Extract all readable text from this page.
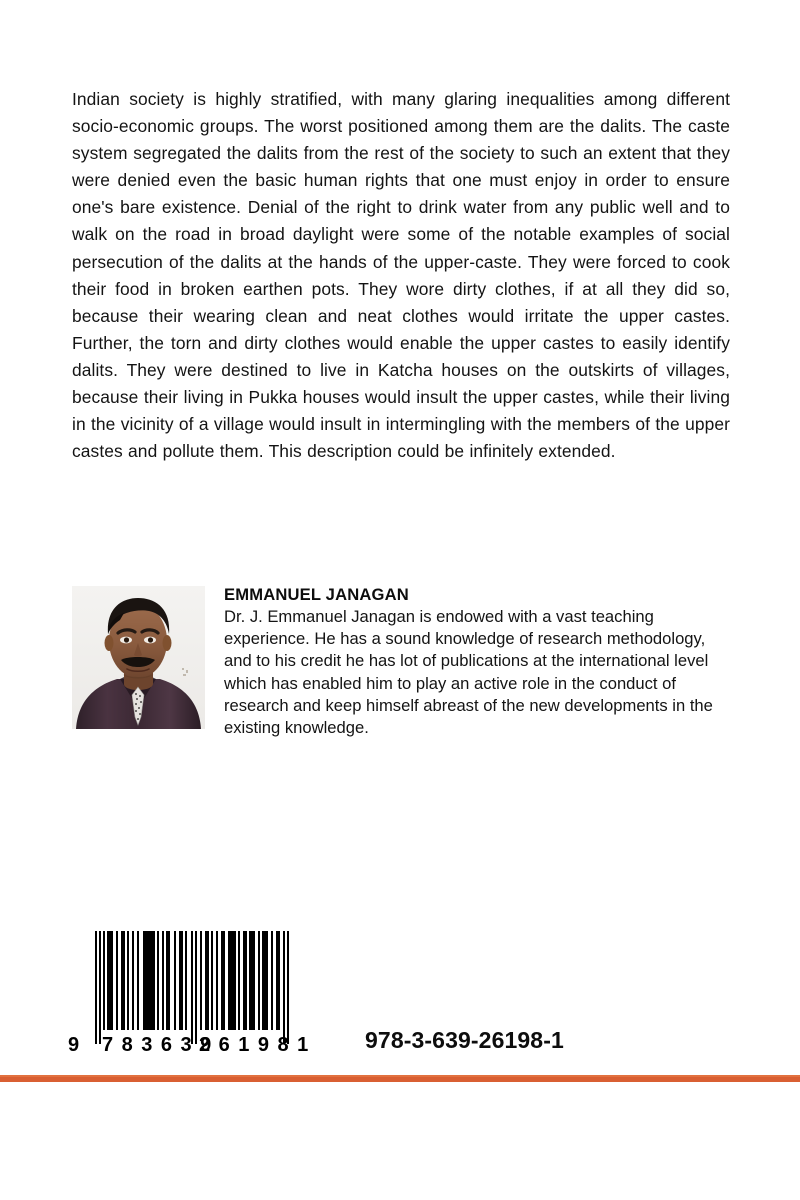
Indian society is highly stratified, with many glaring inequalities among different socio-economic groups. The worst positioned among them are the dalits. The caste system segregated the dalits from the rest of the society to such an extent that they were denied even the basic human rights that one must enjoy in order to ensure one's bare existence. Denial of the right to drink water from any public well and to walk on the road in broad daylight were some of the notable examples of social persecution of the dalits at the hands of the upper-caste. They were forced to cook their food in broken earthen pots. They wore dirty clothes, if at all they did so, because their wearing clean and neat clothes would irritate the upper castes. Further, the torn and dirty clothes would enable the upper castes to easily identify dalits. They were destined to live in Katcha houses on the outskirts of villages, because their living in Pukka houses would insult the upper castes, while their living in the vicinity of a village would insult in intermingling with the members of the upper castes and pollute them. This description could be infinitely extended.
EMMANUEL JANAGAN
Dr. J. Emmanuel Janagan is endowed with a vast teaching experience. He has a sound knowledge of research methodology, and to his credit he has lot of publications at the international level which has enabled him to play an active role in the conduct of research and keep himself abreast of the new developments in the existing knowledge.
9 783639
261981 978-3-639-26198-1
